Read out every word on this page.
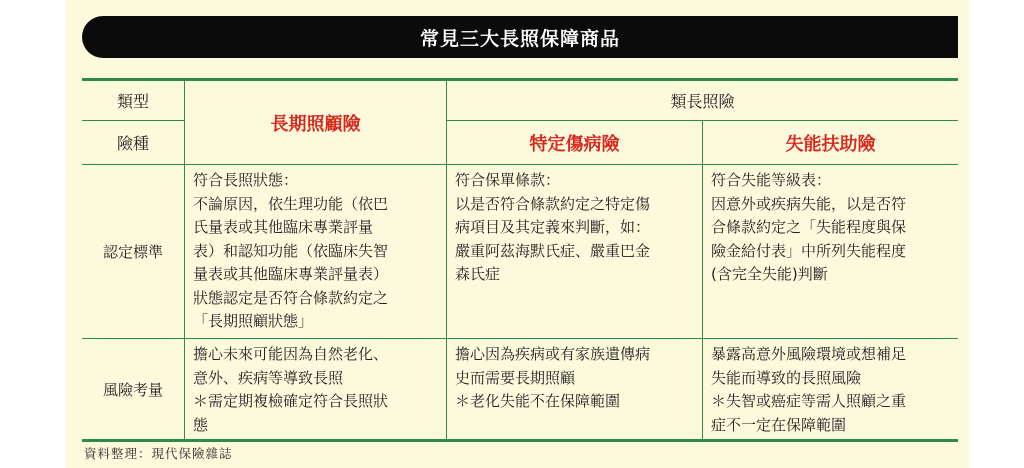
常見三大長照保障商品
類型
險種
長期照顧險
類長照險
特定傷病險	失能扶助險
認定標準
符合長照狀態：
不論原因，依生理功能（依巴
氏量表或其他臨床專業評量
表）和認知功能（依臨床失智
量表或其他臨床專業評量表）
狀態認定是否符合條款約定之
「長期照顧狀態」
符合保單條款：
以是否符合條款約定之特定傷
病項目及其定義來判斷，如：
嚴重阿茲海默氏症、嚴重巴金
森氏症
符合失能等級表：
因意外或疾病失能，以是否符
合條款約定之「失能程度與保
險金給付表」中所列失能程度
(含完全失能)判斷
風險考量
擔心未來可能因為自然老化、
意外、疾病等導致長照
＊需定期複檢確定符合長照狀
態
擔心因為疾病或有家族遺傳病
史而需要長期照顧
＊老化失能不在保障範圍
暴露高意外風險環境或想補足
失能而導致的長照風險
＊失智或癌症等需人照顧之重
症不一定在保障範圍
資料整理：現代保險雜誌
